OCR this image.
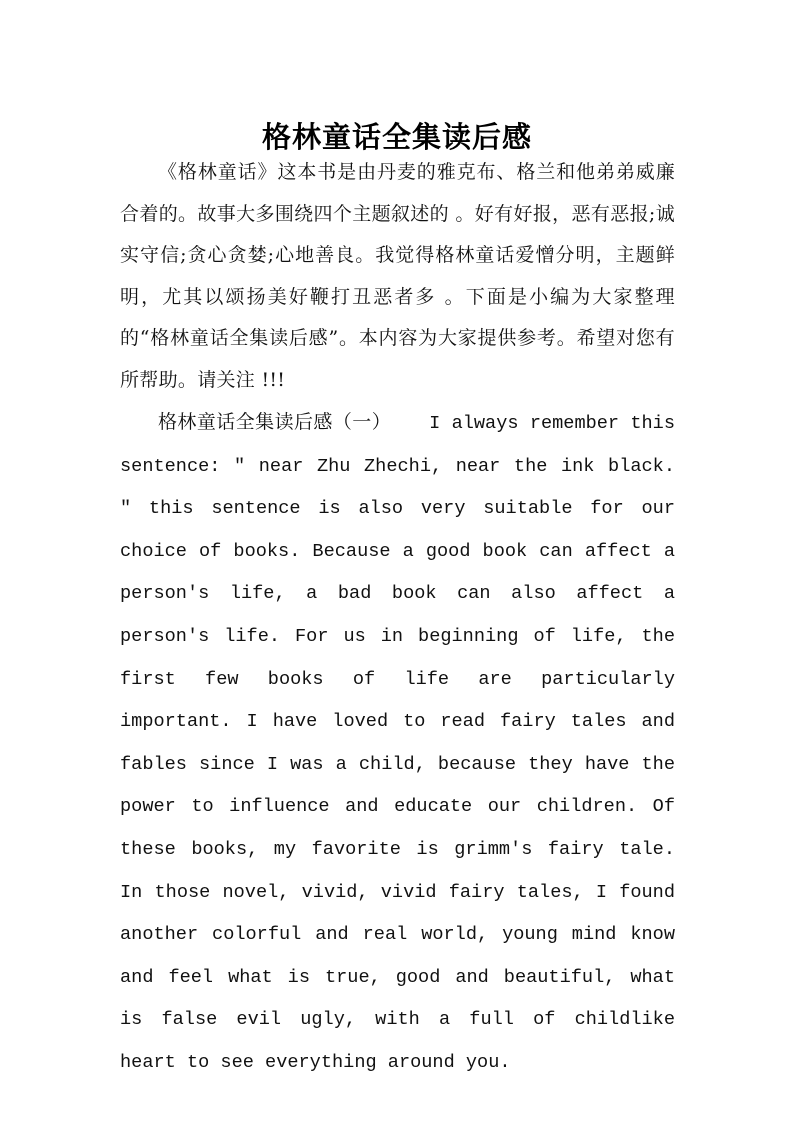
格林童话全集读后感

《格林童话》这本书是由丹麦的雅克布、格兰和他弟弟威廉合着的。故事大多围绕四个主题叙述的 。好有好报，恶有恶报;诚实守信;贪心贪婪;心地善良。我觉得格林童话爱憎分明，主题鲜明，尤其以颂扬美好鞭打丑恶者多 。下面是小编为大家整理的“格林童话全集读后感”。本内容为大家提供参考。希望对您有所帮助。请关注 !!!

格林童话全集读后感（一） I always remember this sentence: ″ near Zhu Zhechi, near the ink black. ″ this sentence is also very suitable for our choice of books. Because a good book can affect a person′s life, a bad book can also affect a person′s life. For us in beginning of life, the first few books of life are particularly important. I have loved to read fairy tales and fables since I was a child, because they have the power to influence and educate our children. Of these books, my favorite is grimm′s fairy tale. In those novel, vivid, vivid fairy tales, I found another colorful and real world, young mind know and feel what is true, good and beautiful, what is false evil ugly, with a full of childlike heart to see everything around you.
